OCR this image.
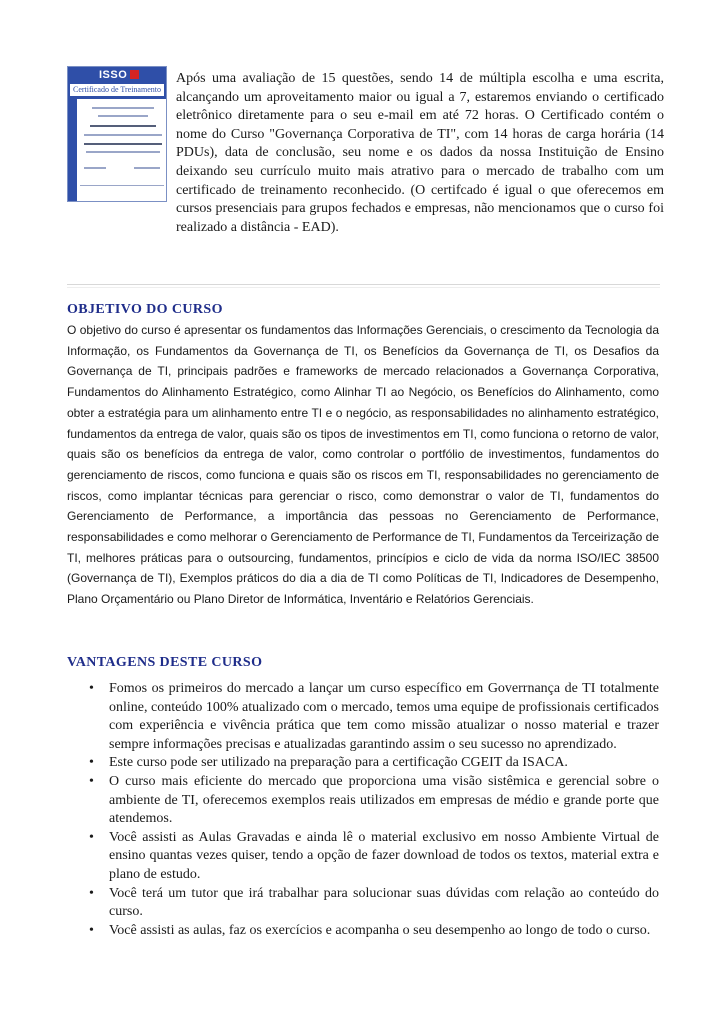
ISSO
Certificado de Treinamento

Após uma avaliação de 15 questões, sendo 14 de múltipla escolha e uma escrita, alcançando um aproveitamento maior ou igual a 7, estaremos enviando o certificado eletrônico diretamente para o seu e-mail em até 72 horas. O Certificado contém o nome do Curso "Governança Corporativa de TI", com 14 horas de carga horária (14 PDUs), data de conclusão, seu nome e os dados da nossa Instituição de Ensino deixando seu currículo muito mais atrativo para o mercado de trabalho com um certificado de treinamento reconhecido. (O certifcado é igual o que oferecemos em cursos presenciais para grupos fechados e empresas, não mencionamos que o curso foi realizado a distância - EAD).

OBJETIVO DO CURSO

O objetivo do curso é apresentar os fundamentos das Informações Gerenciais, o crescimento da Tecnologia da Informação, os Fundamentos da Governança de TI, os Benefícios da Governança de TI, os Desafios da Governança de TI, principais padrões e frameworks de mercado relacionados a Governança Corporativa, Fundamentos do Alinhamento Estratégico, como Alinhar TI ao Negócio, os Benefícios do Alinhamento, como obter a estratégia para um alinhamento entre TI e o negócio, as responsabilidades no alinhamento estratégico, fundamentos da entrega de valor, quais são os tipos de investimentos em TI, como funciona o retorno de valor, quais são os benefícios da entrega de valor, como controlar o portfólio de investimentos, fundamentos do gerenciamento de riscos, como funciona e quais são os riscos em TI, responsabilidades no gerenciamento de riscos, como implantar técnicas para gerenciar o risco, como demonstrar o valor de TI, fundamentos do Gerenciamento de Performance, a importância das pessoas no Gerenciamento de Performance, responsabilidades e como melhorar o Gerenciamento de Performance de TI, Fundamentos da Terceirização de TI, melhores práticas para o outsourcing, fundamentos, princípios e ciclo de vida da norma ISO/IEC 38500 (Governança de TI), Exemplos práticos do dia a dia de TI como Políticas de TI, Indicadores de Desempenho, Plano Orçamentário ou Plano Diretor de Informática, Inventário e Relatórios Gerenciais.

VANTAGENS DESTE CURSO
• Fomos os primeiros do mercado a lançar um curso específico em Goverrnança de TI totalmente online, conteúdo 100% atualizado com o mercado, temos uma equipe de profissionais certificados com experiência e vivência prática que tem como missão atualizar o nosso material e trazer sempre informações precisas e atualizadas garantindo assim o seu sucesso no aprendizado.
• Este curso pode ser utilizado na preparação para a certificação CGEIT da ISACA.
• O curso mais eficiente do mercado que proporciona uma visão sistêmica e gerencial sobre o ambiente de TI, oferecemos exemplos reais utilizados em empresas de médio e grande porte que atendemos.
• Você assisti as Aulas Gravadas e ainda lê o material exclusivo em nosso Ambiente Virtual de ensino quantas vezes quiser, tendo a opção de fazer download de todos os textos, material extra e plano de estudo.
• Você terá um tutor que irá trabalhar para solucionar suas dúvidas com relação ao conteúdo do curso.
• Você assisti as aulas, faz os exercícios e acompanha o seu desempenho ao longo de todo o curso.
